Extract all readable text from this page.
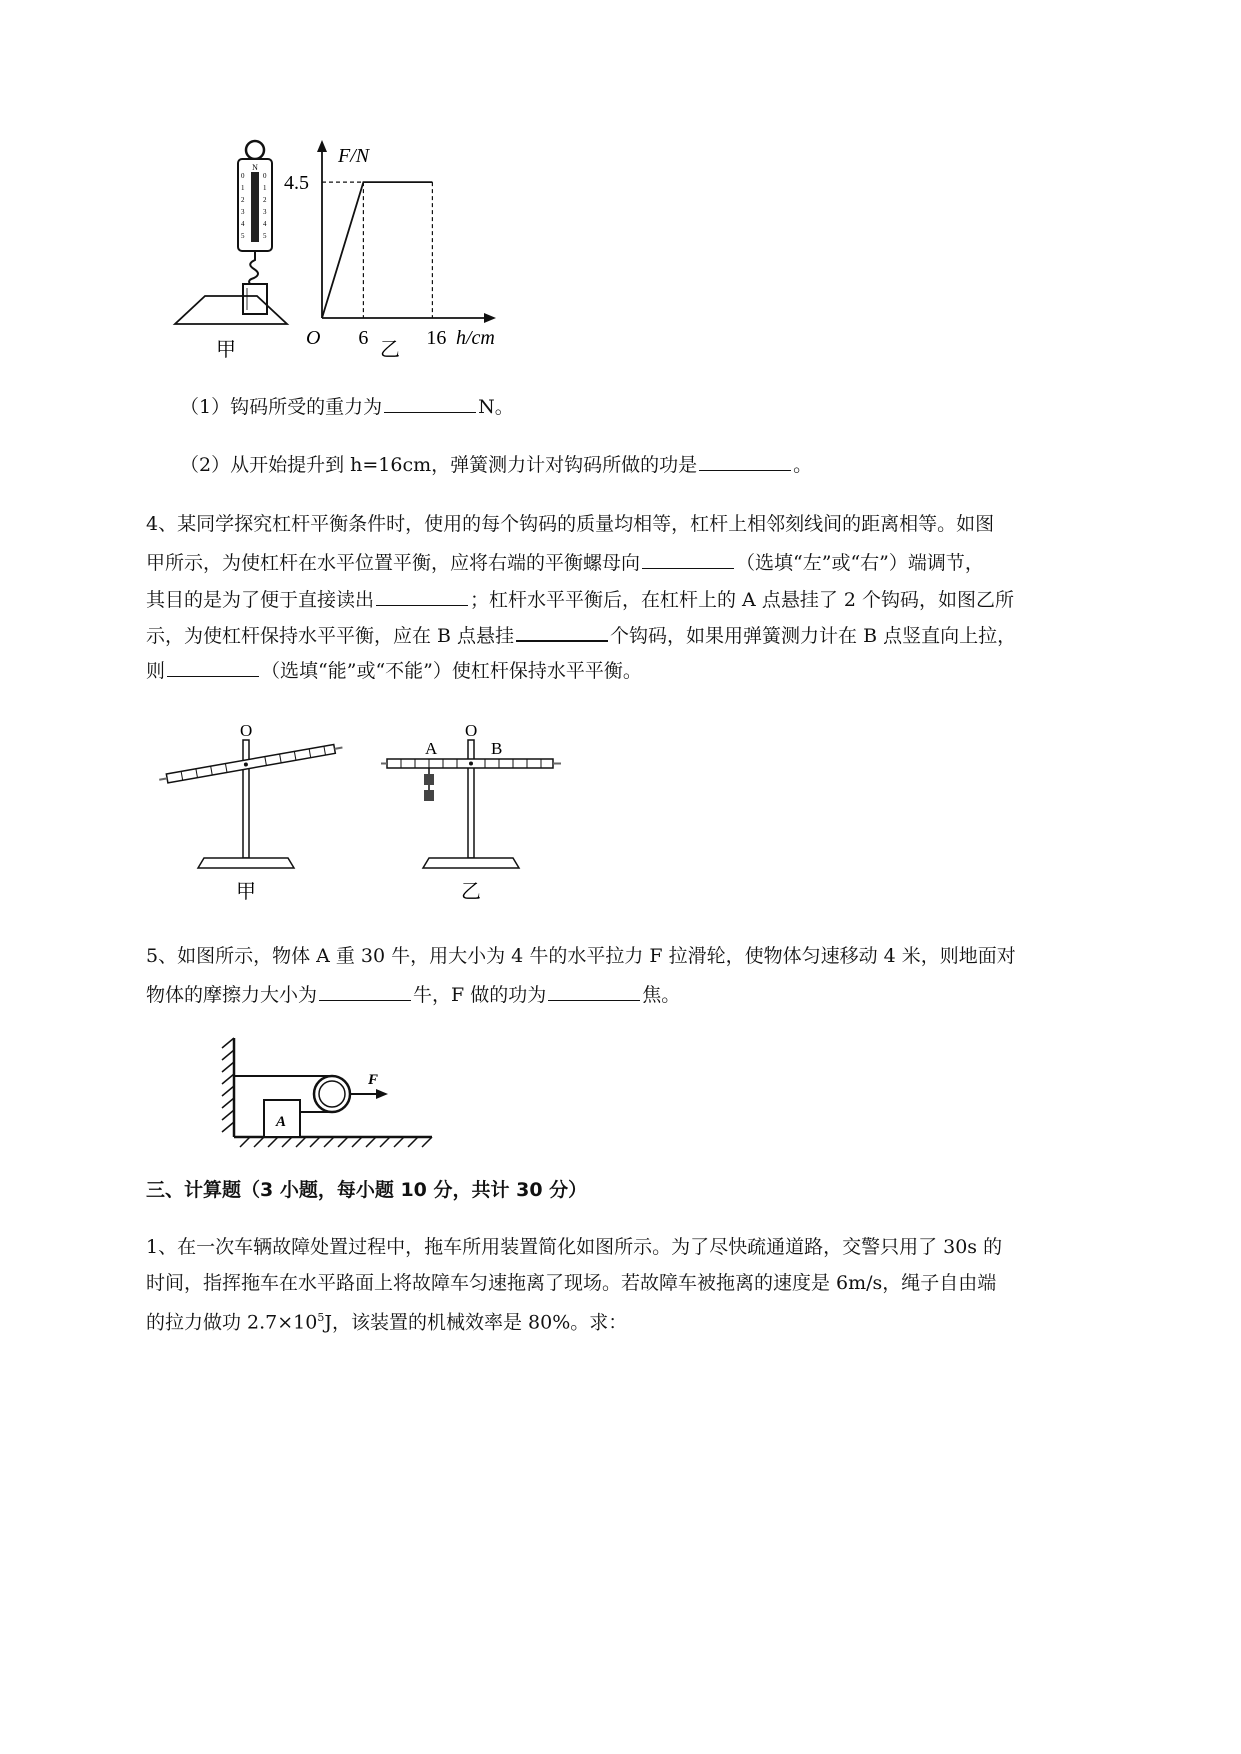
N
0
1
2
3
4
5
0
1
2
3
4
5
甲
F/N
O	h/cm
6	16
4.5
乙
（1）钩码所受的重力为	N。
（2）从开始提升到 h=16cm，弹簧测力计对钩码所做的功是	。
4、某同学探究杠杆平衡条件时，使用的每个钩码的质量均相等，杠杆上相邻刻线间的距离相等。如图
甲所示，为使杠杆在水平位置平衡，应将右端的平衡螺母向	（选填“左”或“右”）端调节，
其目的是为了便于直接读出	；杠杆水平平衡后，在杠杆上的 A 点悬挂了 2 个钩码，如图乙所
示，为使杠杆保持水平平衡，应在 B 点悬挂	个钩码，如果用弹簧测力计在 B 点竖直向上拉，
则	（选填“能”或“不能”）使杠杆保持水平平衡。
O
甲
O
A	B
乙
5、如图所示，物体 A 重 30 牛，用大小为 4 牛的水平拉力 F 拉滑轮，使物体匀速移动 4 米，则地面对
物体的摩擦力大小为	牛，F 做的功为	焦。
A
F
三、计算题（3 小题，每小题 10 分，共计 30 分）
1、在一次车辆故障处置过程中，拖车所用装置简化如图所示。为了尽快疏通道路，交警只用了 30s 的
时间，指挥拖车在水平路面上将故障车匀速拖离了现场。若故障车被拖离的速度是 6m/s，绳子自由端
的拉力做功 $2.7\times 10^5J$，该装置的机械效率是 80%。求：
